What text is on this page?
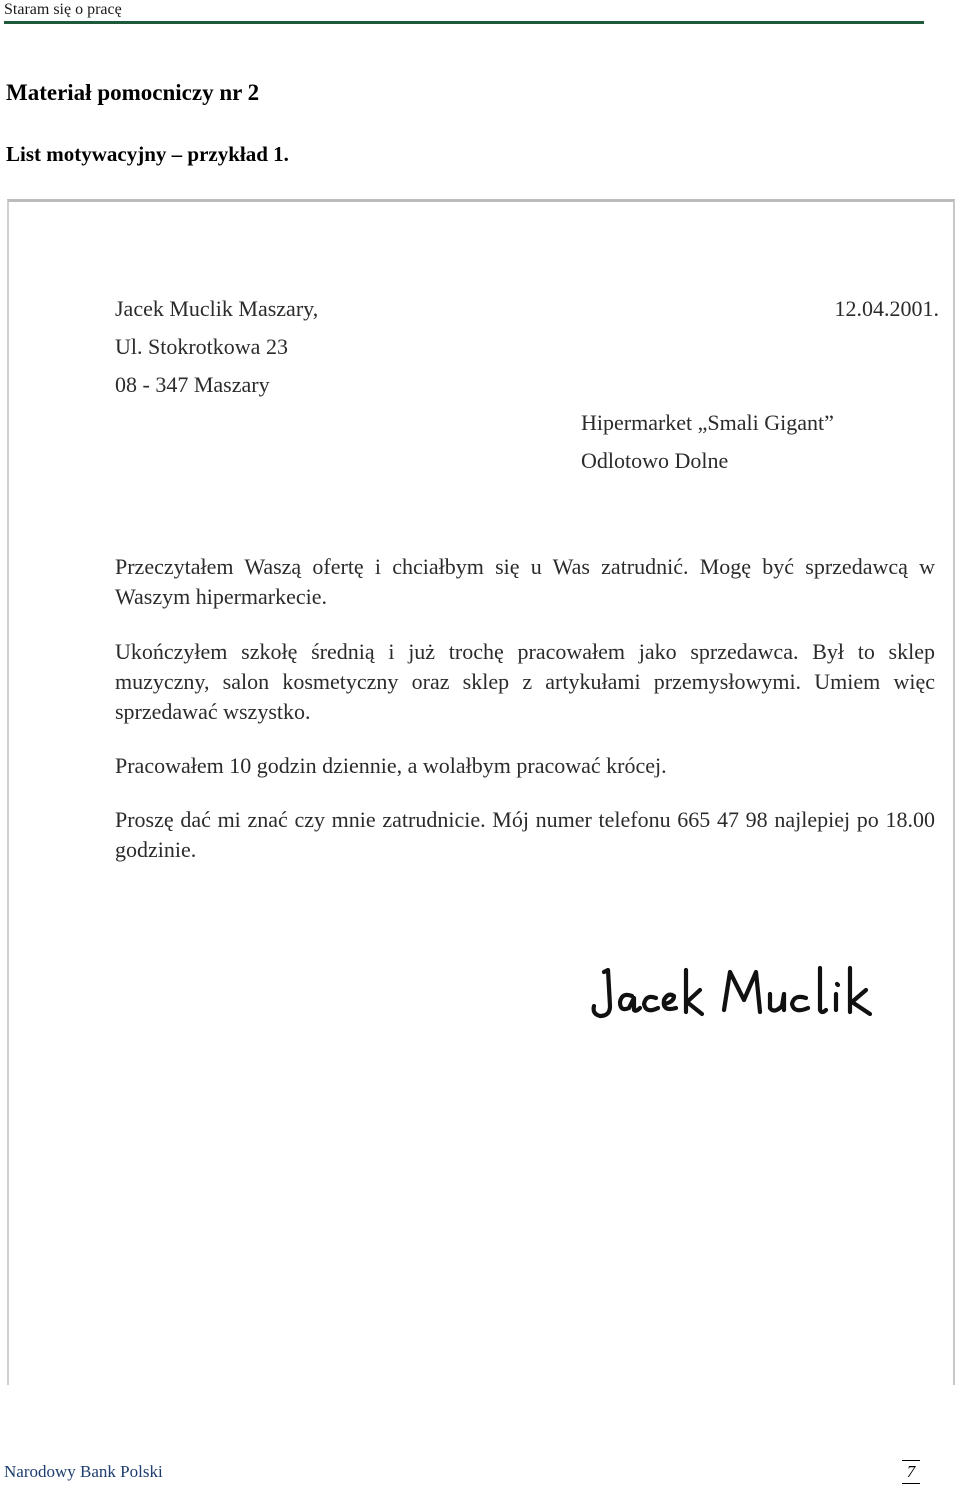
Staram się o pracę
Materiał pomocniczy nr 2
List motywacyjny – przykład 1.
Jacek Muclik Maszary,
Ul. Stokrotkowa 23
08 - 347 Maszary
12.04.2001.
Hipermarket „Smali Gigant”
Odlotowo Dolne
Przeczytałem Waszą ofertę i chciałbym się u Was zatrudnić. Mogę być sprzedawcą w Waszym hipermarkecie.
Ukończyłem szkołę średnią i już trochę pracowałem jako sprzedawca. Był to sklep muzyczny, salon kosmetyczny oraz sklep z artykułami przemysłowymi. Umiem więc sprzedawać wszystko.
Pracowałem 10 godzin dziennie, a wolałbym pracować krócej.
Proszę dać mi znać czy mnie zatrudnicie. Mój numer telefonu 665 47 98 najlepiej po 18.00 godzinie.
Narodowy Bank Polski	7
